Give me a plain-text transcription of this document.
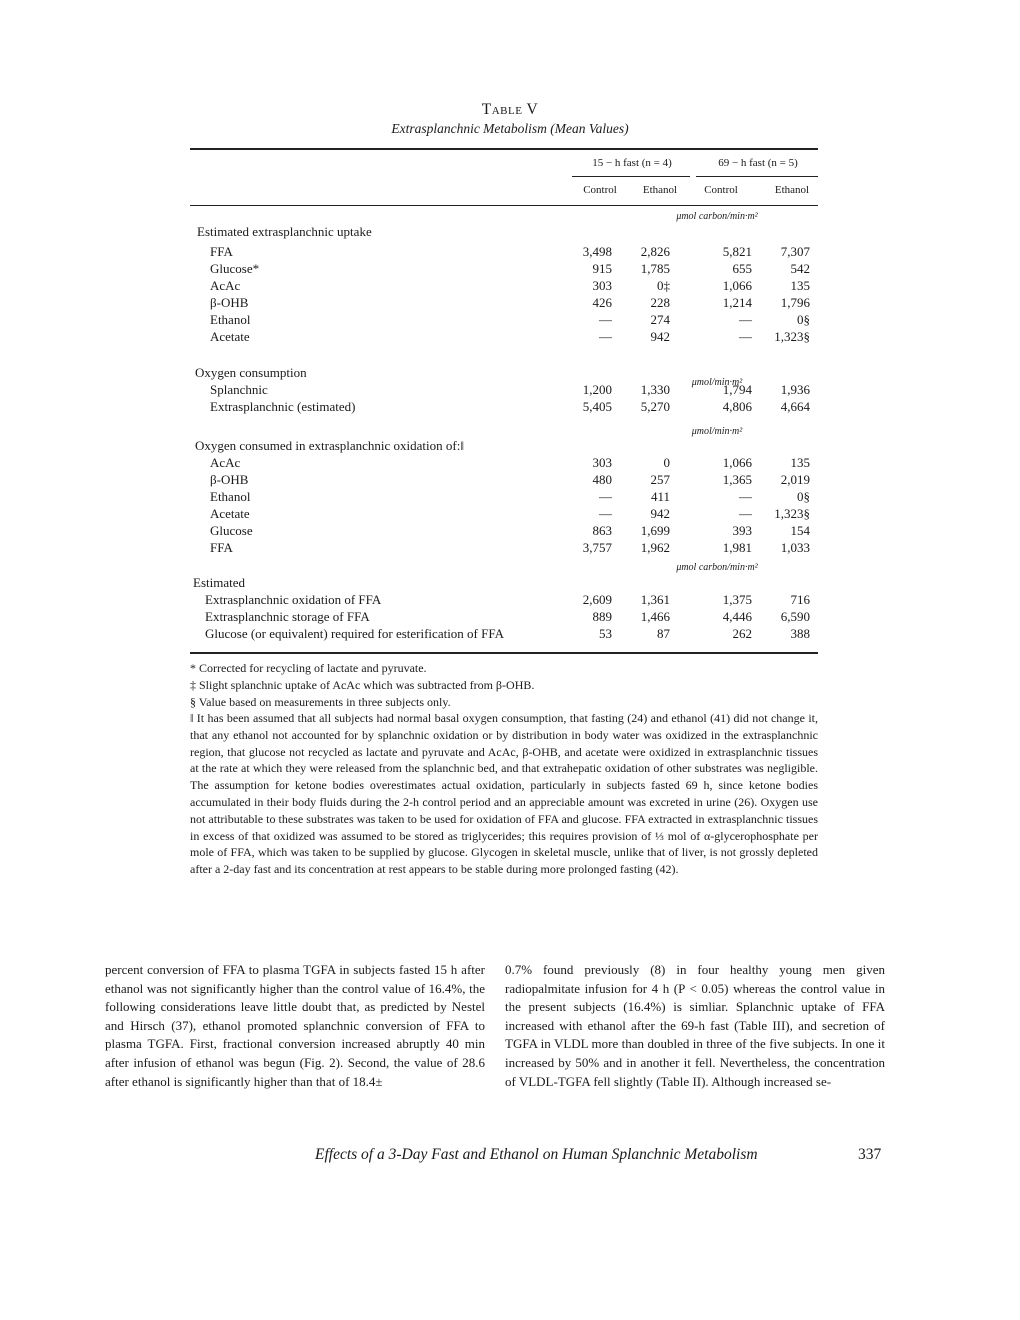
Table V
Extrasplanchnic Metabolism (Mean Values)
15 − h fast (n = 4)	69 − h fast (n = 5)
Control	Ethanol	Control	Ethanol
μmol carbon/min·m²
μmol/min·m²
μmol/min·m²
μmol carbon/min·m²
Estimated extrasplanchnic uptake
FFA	3,498 2,826	5,821 7,307
Glucose*	915 1,785	655	542
AcAc	303	0‡	1,066	135
β-OHB	426	228	1,214 1,796
Ethanol	—	274	—	0§
Acetate	—	942	— 1,323§
Oxygen consumption
Splanchnic	1,200 1,330	1,794 1,936
Extrasplanchnic (estimated)	5,405 5,270	4,806 4,664
Oxygen consumed in extrasplanchnic oxidation of:‖
AcAc	303	0	1,066	135
β-OHB	480	257	1,365 2,019
Ethanol	—	411	—	0§
Acetate	—	942	— 1,323§
Glucose	863 1,699	393	154
FFA	3,757 1,962	1,981 1,033
Estimated
Extrasplanchnic oxidation of FFA	2,609 1,361	1,375	716
Extrasplanchnic storage of FFA	889 1,466	4,446 6,590
Glucose (or equivalent) required for esterification of FFA	53	87	262	388
* Corrected for recycling of lactate and pyruvate.
‡ Slight splanchnic uptake of AcAc which was subtracted from β-OHB.
§ Value based on measurements in three subjects only.
‖ It has been assumed that all subjects had normal basal oxygen consumption, that fasting (24) and ethanol (41) did not change it, that any ethanol not accounted for by splanchnic oxidation or by distribution in body water was oxidized in the extrasplanchnic region, that glucose not recycled as lactate and pyruvate and AcAc, β-OHB, and acetate were oxidized in extrasplanchnic tissues at the rate at which they were released from the splanchnic bed, and that extrahepatic oxidation of other substrates was negligible. The assumption for ketone bodies overestimates actual oxidation, particularly in subjects fasted 69 h, since ketone bodies accumulated in their body fluids during the 2-h control period and an appreciable amount was excreted in urine (26). Oxygen use not attributable to these substrates was taken to be used for oxidation of FFA and glucose. FFA extracted in extrasplanchnic tissues in excess of that oxidized was assumed to be stored as triglycerides; this requires provision of ⅓ mol of α-glycerophosphate per mole of FFA, which was taken to be supplied by glucose. Glycogen in skeletal muscle, unlike that of liver, is not grossly depleted after a 2-day fast and its concentration at rest appears to be stable during more prolonged fasting (42).
percent conversion of FFA to plasma TGFA in subjects fasted 15 h after ethanol was not significantly higher than the control value of 16.4%, the following considerations leave little doubt that, as predicted by Nestel and Hirsch (37), ethanol promoted splanchnic conversion of FFA to plasma TGFA. First, fractional conversion increased abruptly 40 min after infusion of ethanol was begun (Fig. 2). Second, the value of 28.6 after ethanol is significantly higher than that of 18.4±
0.7% found previously (8) in four healthy young men given radiopalmitate infusion for 4 h (P < 0.05) whereas the control value in the present subjects (16.4%) is simliar. Splanchnic uptake of FFA increased with ethanol after the 69-h fast (Table III), and secretion of TGFA in VLDL more than doubled in three of the five subjects. In one it increased by 50% and in another it fell. Nevertheless, the concentration of VLDL-TGFA fell slightly (Table II). Although increased se-
Effects of a 3-Day Fast and Ethanol on Human Splanchnic Metabolism	337
